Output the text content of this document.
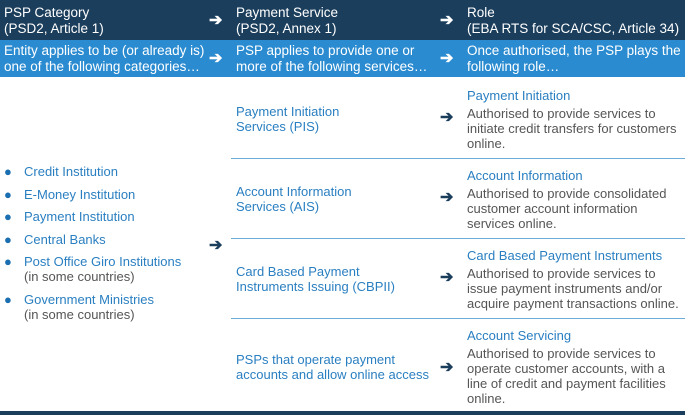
PSP Category
(PSD2, Article 1)	➔ Payment Service
(PSD2, Annex 1)	➔ Role
(EBA RTS for SCA/CSC, Article 34)
Entity applies to be (or already is)
one of the following categories… ➔ PSP applies to provide one or
more of the following services… ➔ Once authorised, the PSP plays the
following role…
● Credit Institution
● E-Money Institution
● Payment Institution
● Central Banks
● Post Office Giro Institutions
(in some countries)
● Government Ministries
(in some countries)
➔
Payment Initiation
Services (PIS)
Account Information
Services (AIS)
Card Based Payment
Instruments Issuing (CBPII)
PSPs that operate payment
accounts and allow online access
➔
➔
➔
➔
Payment Initiation
Authorised to provide services to initiate credit transfers for customers online.
Account Information
Authorised to provide consolidated customer account information services online.
Card Based Payment Instruments
Authorised to provide services to issue payment instruments and/or acquire payment transactions online.
Account Servicing
Authorised to provide services to operate customer accounts, with a line of credit and payment facilities online.
